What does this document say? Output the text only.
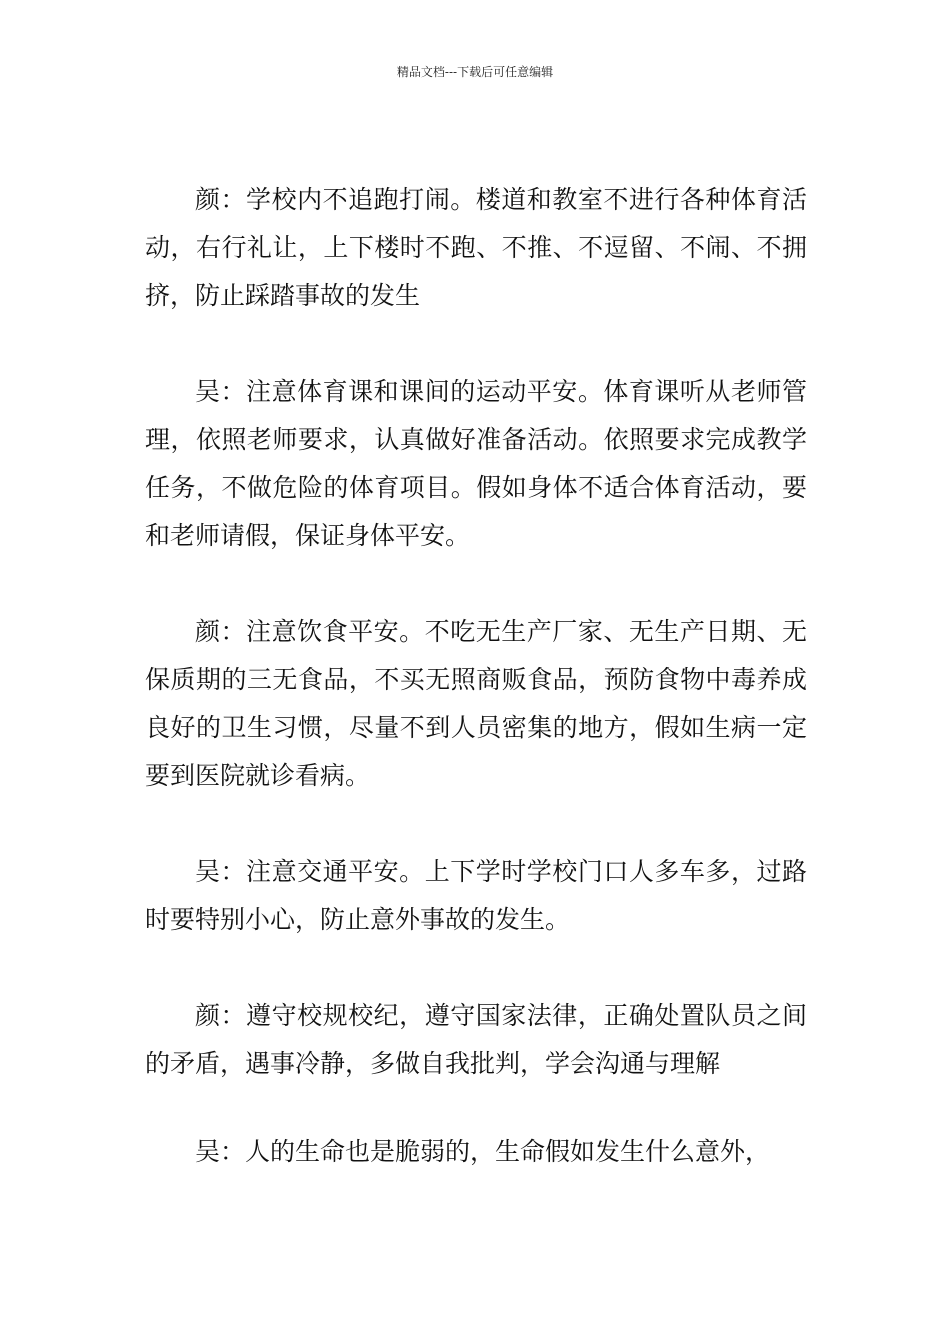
精品文档---下载后可任意编辑

颜：学校内不追跑打闹。楼道和教室不进行各种体育活动，右行礼让，上下楼时不跑、不推、不逗留、不闹、不拥挤，防止踩踏事故的发生

吴：注意体育课和课间的运动平安。体育课听从老师管理，依照老师要求，认真做好准备活动。依照要求完成教学任务，不做危险的体育项目。假如身体不适合体育活动，要和老师请假，保证身体平安。

颜：注意饮食平安。不吃无生产厂家、无生产日期、无保质期的三无食品，不买无照商贩食品，预防食物中毒养成良好的卫生习惯，尽量不到人员密集的地方，假如生病一定要到医院就诊看病。

吴：注意交通平安。上下学时学校门口人多车多，过路时要特别小心，防止意外事故的发生。

颜：遵守校规校纪，遵守国家法律，正确处置队员之间的矛盾，遇事冷静，多做自我批判，学会沟通与理解

吴：人的生命也是脆弱的，生命假如发生什么意外，
